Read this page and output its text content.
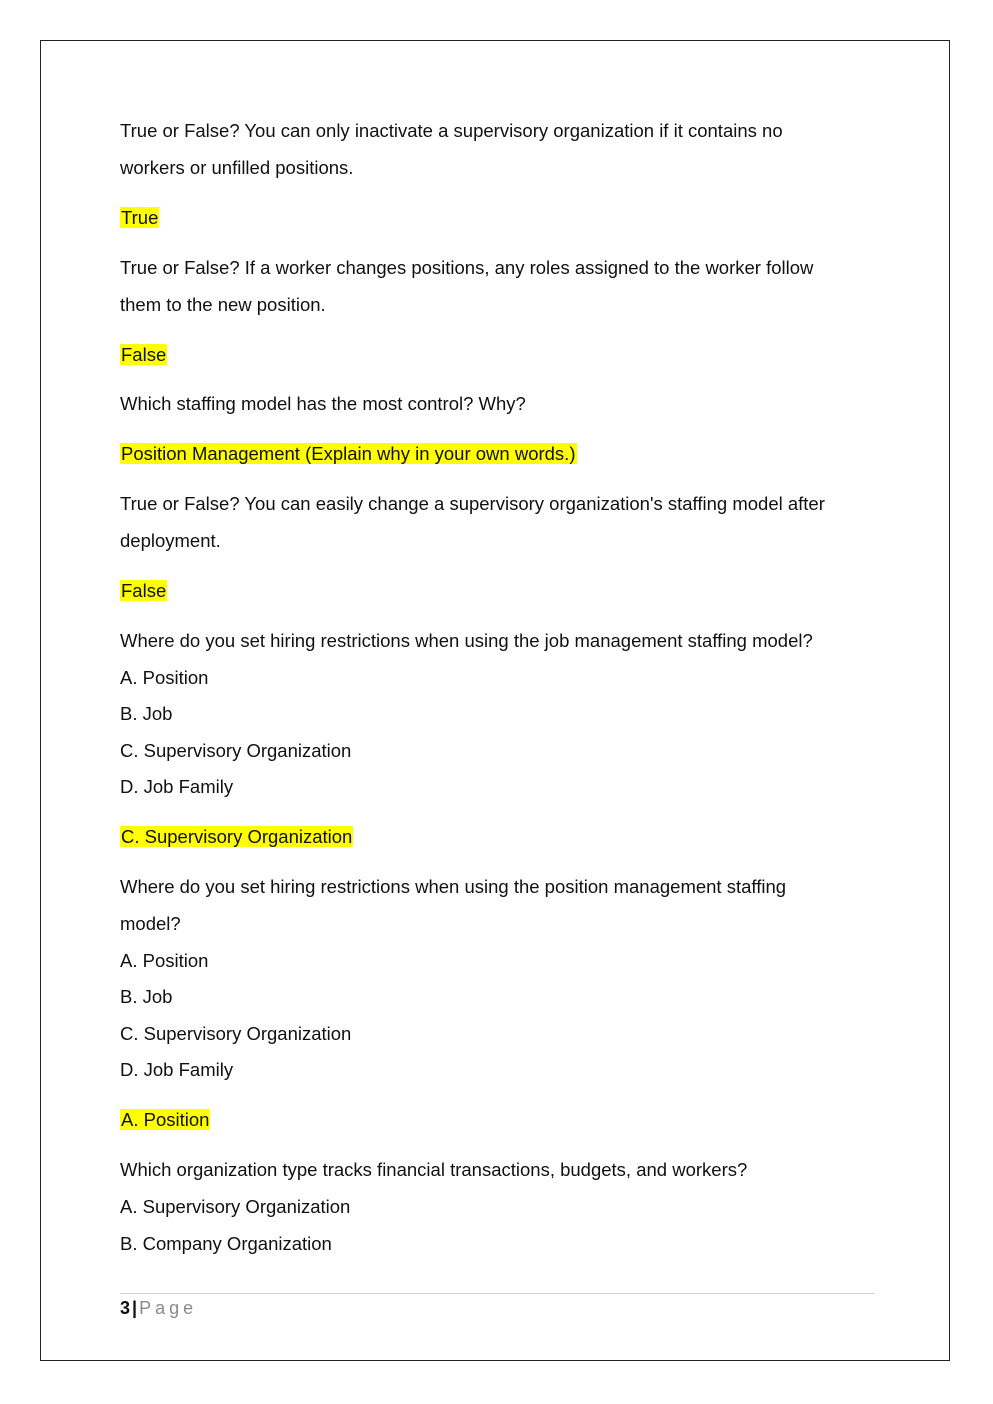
True or False? You can only inactivate a supervisory organization if it contains no
workers or unfilled positions.
True
True or False? If a worker changes positions, any roles assigned to the worker follow
them to the new position.
False
Which staffing model has the most control? Why?
Position Management (Explain why in your own words.)
True or False? You can easily change a supervisory organization's staffing model after
deployment.
False
Where do you set hiring restrictions when using the job management staffing model?
A. Position
B. Job
C. Supervisory Organization
D. Job Family
C. Supervisory Organization
Where do you set hiring restrictions when using the position management staffing
model?
A. Position
B. Job
C. Supervisory Organization
D. Job Family
A. Position
Which organization type tracks financial transactions, budgets, and workers?
A. Supervisory Organization
B. Company Organization
3 | Page
